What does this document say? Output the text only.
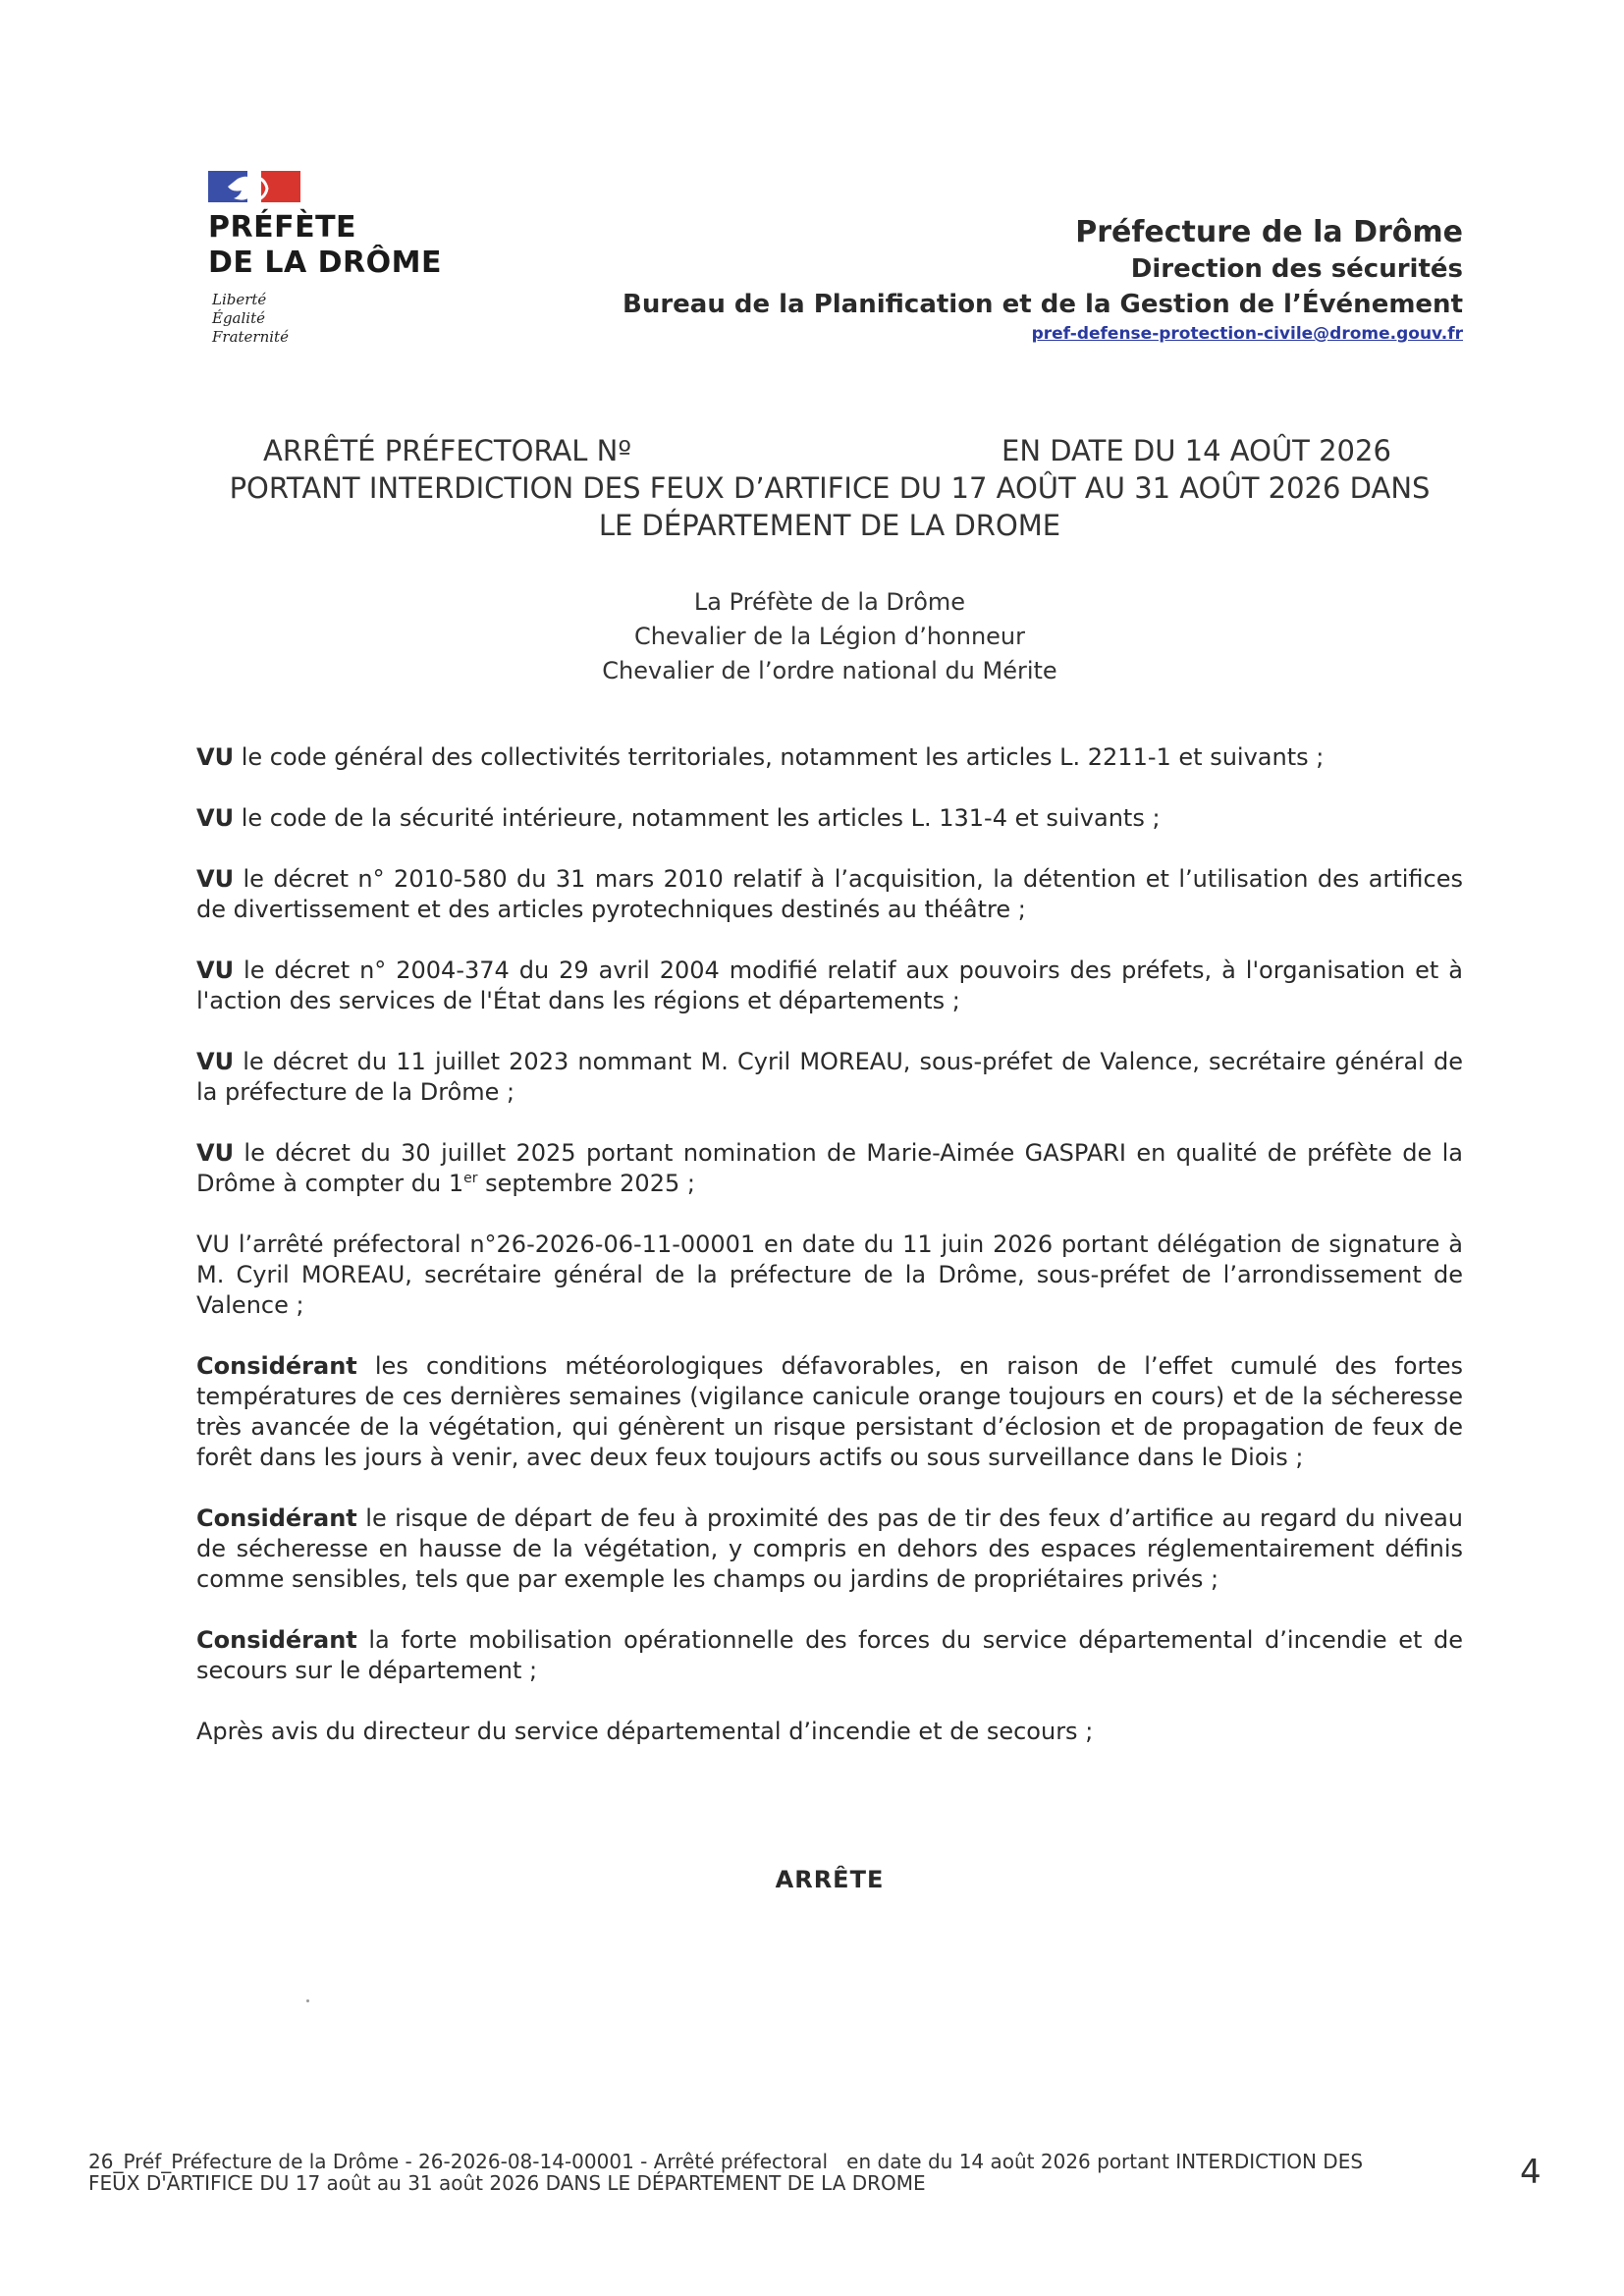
PRÉFÈTE
DE LA DRÔME
Liberté
Égalité
Fraternité
Préfecture de la Drôme
Direction des sécurités
Bureau de la Planification et de la Gestion de l’Événement
pref-defense-protection-civile@drome.gouv.fr
ARRÊTÉ PRÉFECTORAL Nº	EN DATE DU 14 AOÛT 2026
PORTANT INTERDICTION DES FEUX D’ARTIFICE DU 17 AOÛT AU 31 AOÛT 2026 DANS
LE DÉPARTEMENT DE LA DROME
La Préfète de la Drôme
Chevalier de la Légion d’honneur
Chevalier de l’ordre national du Mérite

VU le code général des collectivités territoriales, notamment les articles L. 2211-1 et suivants ;

VU le code de la sécurité intérieure, notamment les articles L. 131-4 et suivants ;

VU le décret n° 2010-580 du 31 mars 2010 relatif à l’acquisition, la détention et l’utilisation des artifices de divertissement et des articles pyrotechniques destinés au théâtre ;

VU le décret n° 2004-374 du 29 avril 2004 modifié relatif aux pouvoirs des préfets, à l'organisation et à l'action des services de l'État dans les régions et départements ;

VU le décret du 11 juillet 2023 nommant M. Cyril MOREAU, sous-préfet de Valence, secrétaire général de la préfecture de la Drôme ;

VU le décret du 30 juillet 2025 portant nomination de Marie-Aimée GASPARI en qualité de préfète de la Drôme à compter du 1er septembre 2025 ;

VU l’arrêté préfectoral n°26-2026-06-11-00001 en date du 11 juin 2026 portant délégation de signature à M. Cyril MOREAU, secrétaire général de la préfecture de la Drôme, sous-préfet de l’arrondissement de Valence ;

Considérant les conditions météorologiques défavorables, en raison de l’effet cumulé des fortes températures de ces dernières semaines (vigilance canicule orange toujours en cours) et de la sécheresse très avancée de la végétation, qui génèrent un risque persistant d’éclosion et de propagation de feux de forêt dans les jours à venir, avec deux feux toujours actifs ou sous surveillance dans le Diois ;

Considérant le risque de départ de feu à proximité des pas de tir des feux d’artifice au regard du niveau de sécheresse en hausse de la végétation, y compris en dehors des espaces réglementairement définis comme sensibles, tels que par exemple les champs ou jardins de propriétaires privés ;

Considérant la forte mobilisation opérationnelle des forces du service départemental d’incendie et de secours sur le département ;

Après avis du directeur du service départemental d’incendie et de secours ;

ARRÊTE
26_Préf_Préfecture de la Drôme - 26-2026-08-14-00001 - Arrêté préfectoral   en date du 14 août 2026 portant INTERDICTION DES
FEUX D'ARTIFICE DU 17 août au 31 août 2026 DANS LE DÉPARTEMENT DE LA DROME	4
